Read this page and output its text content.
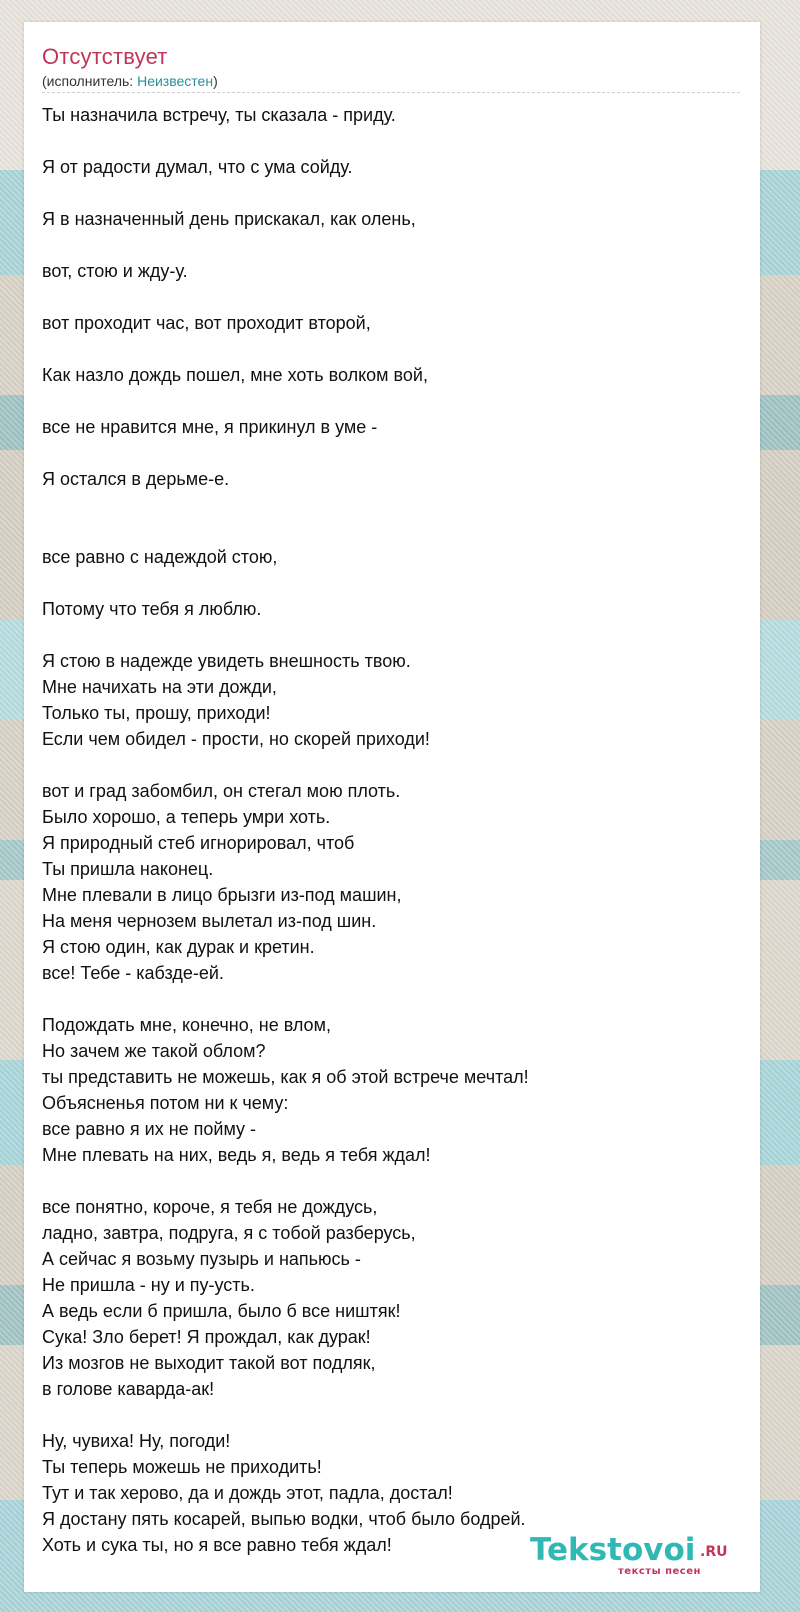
Отсутствует
(исполнитель: Неизвестен)
Ты назначила встречу, ты сказала - приду.
Я от радости думал, что с ума сойду.
Я в назначенный день прискакал, как олень,
вот, стою и жду-у.
вот проходит час, вот проходит второй,
Как назло дождь пошел, мне хоть волком вой,
все не нравится мне, я прикинул в уме -
Я остался в дерьме-е.
все равно с надеждой стою,
Потому что тебя я люблю.
Я стою в надежде увидеть внешность твою.
Мне начихать на эти дожди,
Только ты, прошу, приходи!
Если чем обидел - прости, но скорей приходи!
вот и град забомбил, он стегал мою плоть.
Было хорошо, а теперь умри хоть.
Я природный стеб игнорировал, чтоб
Ты пришла наконец.
Мне плевали в лицо брызги из-под машин,
На меня чернозем вылетал из-под шин.
Я стою один, как дурак и кретин.
все! Тебе - кабзде-ей.
Подождать мне, конечно, не влом,
Но зачем же такой облом?
ты представить не можешь, как я об этой встрече мечтал!
Объясненья потом ни к чему:
все равно я их не пойму -
Мне плевать на них, ведь я, ведь я тебя ждал!
все понятно, короче, я тебя не дождусь,
ладно, завтра, подруга, я с тобой разберусь,
А сейчас я возьму пузырь и напьюсь -
Не пришла - ну и пу-усть.
А ведь если б пришла, было б все ништяк!
Сука! Зло берет! Я прождал, как дурак!
Из мозгов не выходит такой вот подляк,
в голове каварда-ак!
Ну, чувиха! Ну, погоди!
Ты теперь можешь не приходить!
Тут и так херово, да и дождь этот, падла, достал!
Я достану пять косарей, выпью водки, чтоб было бодрей.
Хоть и сука ты, но я все равно тебя ждал!	Tekstovoi .RU
тексты песен
